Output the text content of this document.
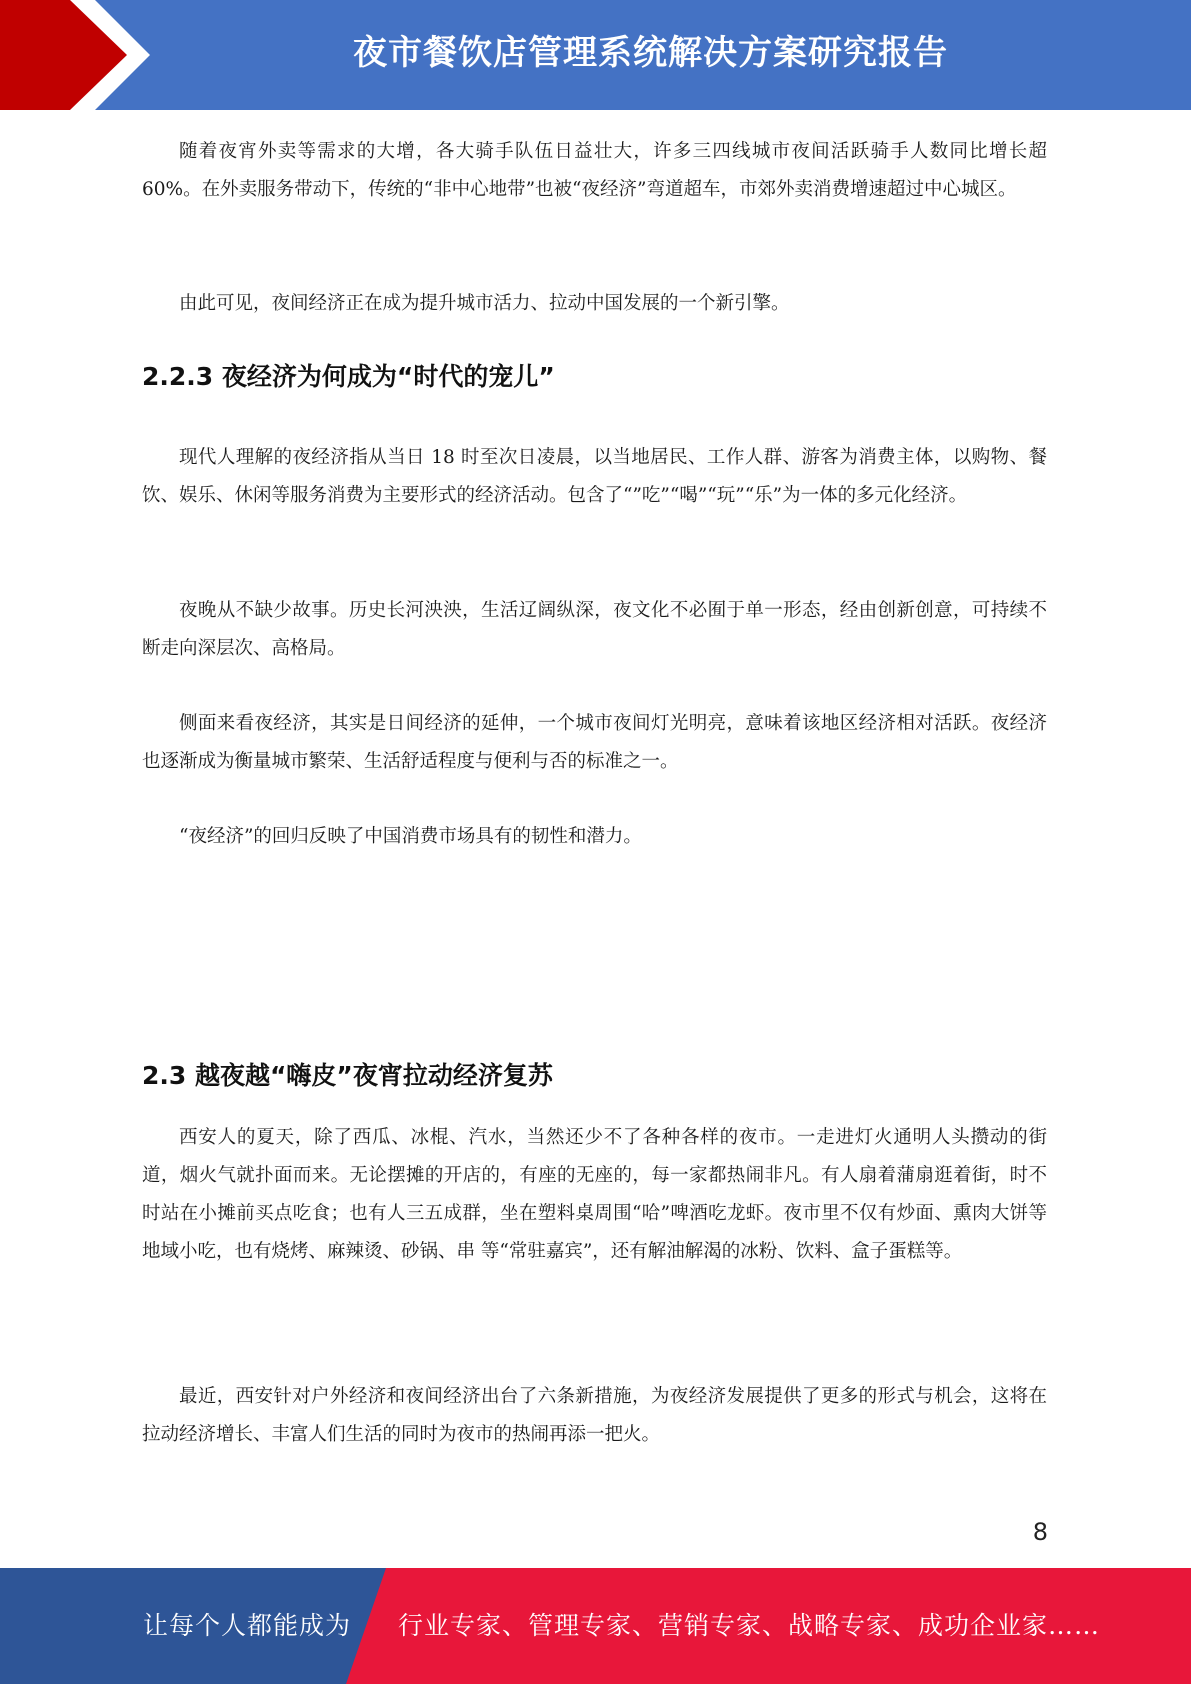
夜市餐饮店管理系统解决方案研究报告

随着夜宵外卖等需求的大增，各大骑手队伍日益壮大，许多三四线城市夜间活跃骑手人数同比增长超 60%。在外卖服务带动下，传统的“非中心地带”也被“夜经济”弯道超车，市郊外卖消费增速超过中心城区。

由此可见，夜间经济正在成为提升城市活力、拉动中国发展的一个新引擎。

2.2.3 夜经济为何成为“时代的宠儿”

现代人理解的夜经济指从当日 18 时至次日凌晨，以当地居民、工作人群、游客为消费主体，以购物、餐饮、娱乐、休闲等服务消费为主要形式的经济活动。包含了“”吃”“喝”“玩”“乐”为一体的多元化经济。

夜晚从不缺少故事。历史长河泱泱，生活辽阔纵深，夜文化不必囿于单一形态，经由创新创意，可持续不断走向深层次、高格局。

侧面来看夜经济，其实是日间经济的延伸，一个城市夜间灯光明亮，意味着该地区经济相对活跃。夜经济也逐渐成为衡量城市繁荣、生活舒适程度与便利与否的标准之一。

“夜经济”的回归反映了中国消费市场具有的韧性和潜力。

2.3 越夜越“嗨皮”夜宵拉动经济复苏

西安人的夏天，除了西瓜、冰棍、汽水，当然还少不了各种各样的夜市。一走进灯火通明人头攒动的街道，烟火气就扑面而来。无论摆摊的开店的，有座的无座的，每一家都热闹非凡。有人扇着蒲扇逛着街，时不时站在小摊前买点吃食；也有人三五成群，坐在塑料桌周围“哈”啤酒吃龙虾。夜市里不仅有炒面、熏肉大饼等地域小吃，也有烧烤、麻辣烫、砂锅、串 等“常驻嘉宾”，还有解油解渴的冰粉、饮料、盒子蛋糕等。

最近，西安针对户外经济和夜间经济出台了六条新措施，为夜经济发展提供了更多的形式与机会，这将在拉动经济增长、丰富人们生活的同时为夜市的热闹再添一把火。

8
让每个人都能成为 行业专家、管理专家、营销专家、战略专家、成功企业家……
